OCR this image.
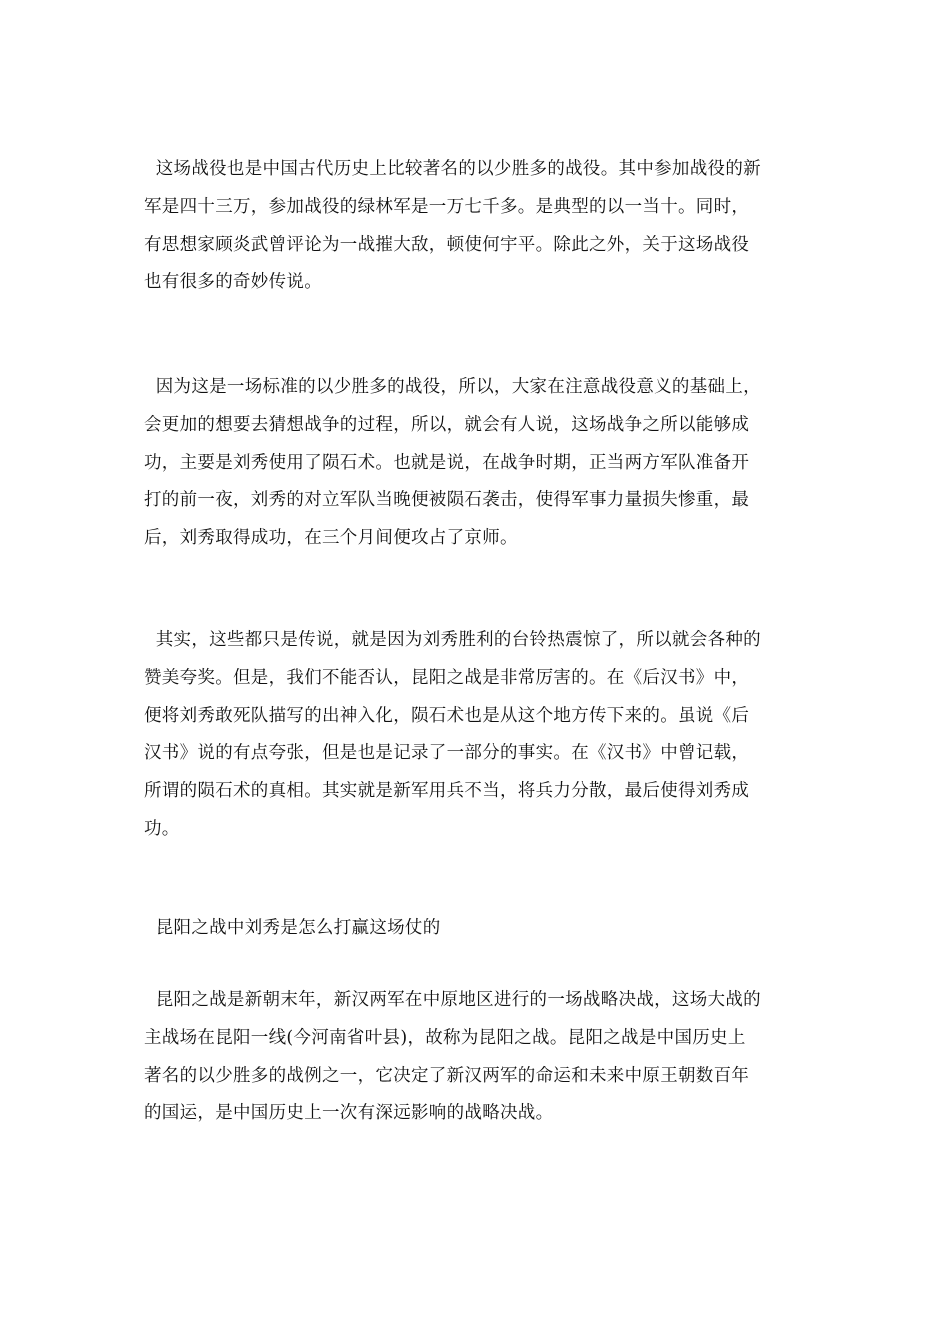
这场战役也是中国古代历史上比较著名的以少胜多的战役。其中参加战役的新
军是四十三万，参加战役的绿林军是一万七千多。是典型的以一当十。同时，
有思想家顾炎武曾评论为一战摧大敌，顿使何宇平。除此之外，关于这场战役
也有很多的奇妙传说。

因为这是一场标准的以少胜多的战役，所以，大家在注意战役意义的基础上，
会更加的想要去猜想战争的过程，所以，就会有人说，这场战争之所以能够成
功，主要是刘秀使用了陨石术。也就是说，在战争时期，正当两方军队准备开
打的前一夜，刘秀的对立军队当晚便被陨石袭击，使得军事力量损失惨重，最
后，刘秀取得成功，在三个月间便攻占了京师。

其实，这些都只是传说，就是因为刘秀胜利的台铃热震惊了，所以就会各种的
赞美夸奖。但是，我们不能否认，昆阳之战是非常厉害的。在《后汉书》中，
便将刘秀敢死队描写的出神入化，陨石术也是从这个地方传下来的。虽说《后
汉书》说的有点夸张，但是也是记录了一部分的事实。在《汉书》中曾记载，
所谓的陨石术的真相。其实就是新军用兵不当，将兵力分散，最后使得刘秀成
功。

昆阳之战中刘秀是怎么打赢这场仗的

昆阳之战是新朝末年，新汉两军在中原地区进行的一场战略决战，这场大战的
主战场在昆阳一线(今河南省叶县)，故称为昆阳之战。昆阳之战是中国历史上
著名的以少胜多的战例之一，它决定了新汉两军的命运和未来中原王朝数百年
的国运，是中国历史上一次有深远影响的战略决战。
